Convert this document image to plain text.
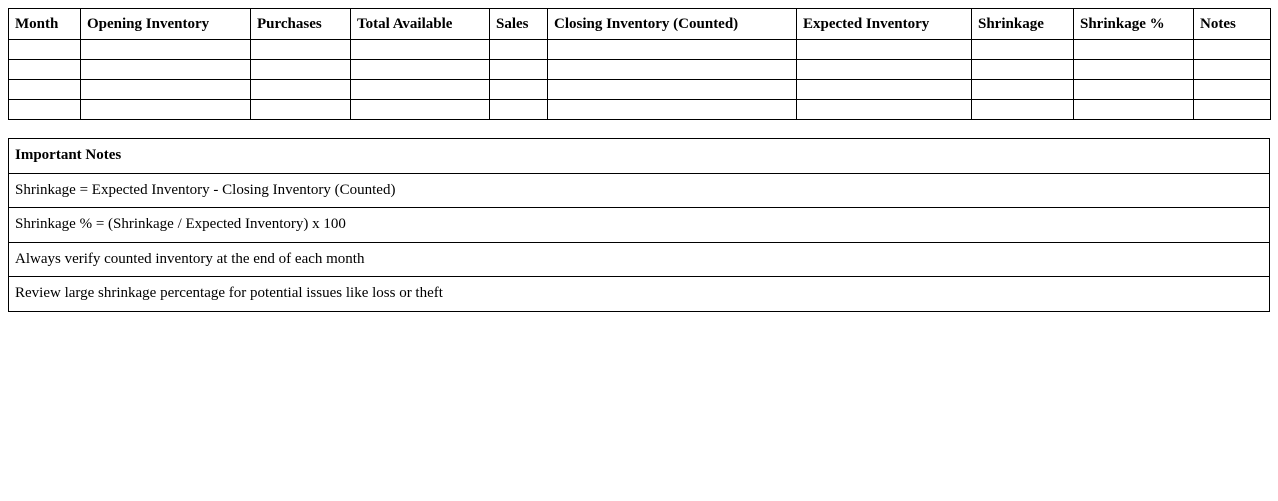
Month	Opening Inventory	Purchases	Total Available	Sales	Closing Inventory (Counted)	Expected Inventory	Shrinkage	Shrinkage %	Notes

Important Notes
Shrinkage = Expected Inventory - Closing Inventory (Counted)
Shrinkage % = (Shrinkage / Expected Inventory) x 100
Always verify counted inventory at the end of each month
Review large shrinkage percentage for potential issues like loss or theft
